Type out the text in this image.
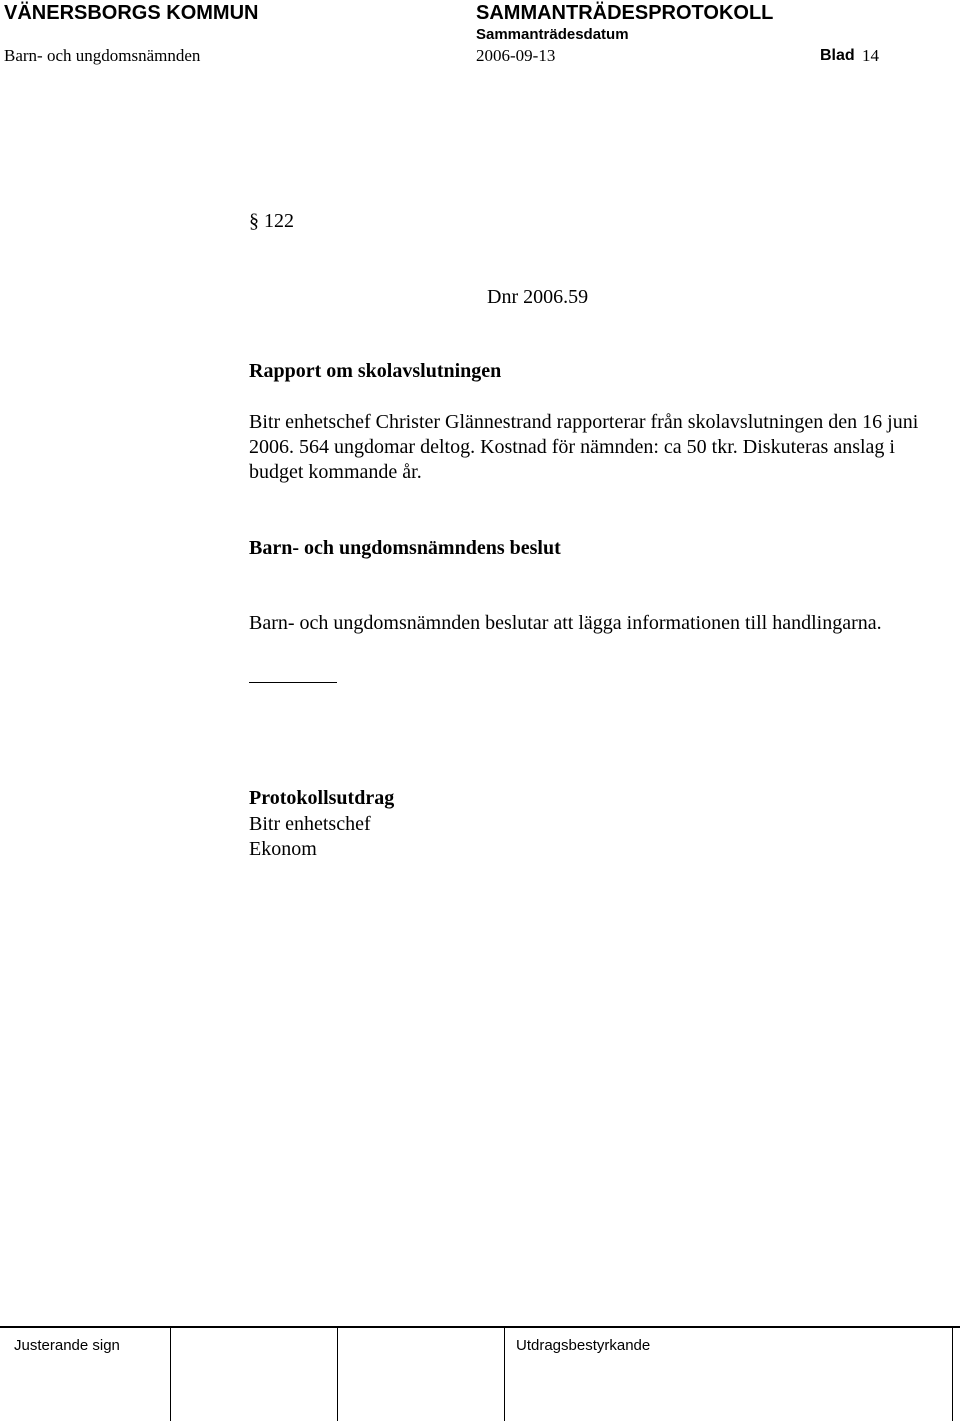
VÄNERSBORGS KOMMUN	SAMMANTRÄDESPROTOKOLL
Sammanträdesdatum
Barn- och ungdomsnämnden	2006-09-13	Blad 14
§ 122
Dnr 2006.59
Rapport om skolavslutningen
Bitr enhetschef Christer Glännestrand rapporterar från skolavslutningen den 16 juni 2006. 564 ungdomar deltog. Kostnad för nämnden: ca 50 tkr. Diskuteras anslag i budget kommande år.
Barn- och ungdomsnämndens beslut
Barn- och ungdomsnämnden beslutar att lägga informationen till handlingarna.
Protokollsutdrag
Bitr enhetschef
Ekonom
Justerande sign	Utdragsbestyrkande
